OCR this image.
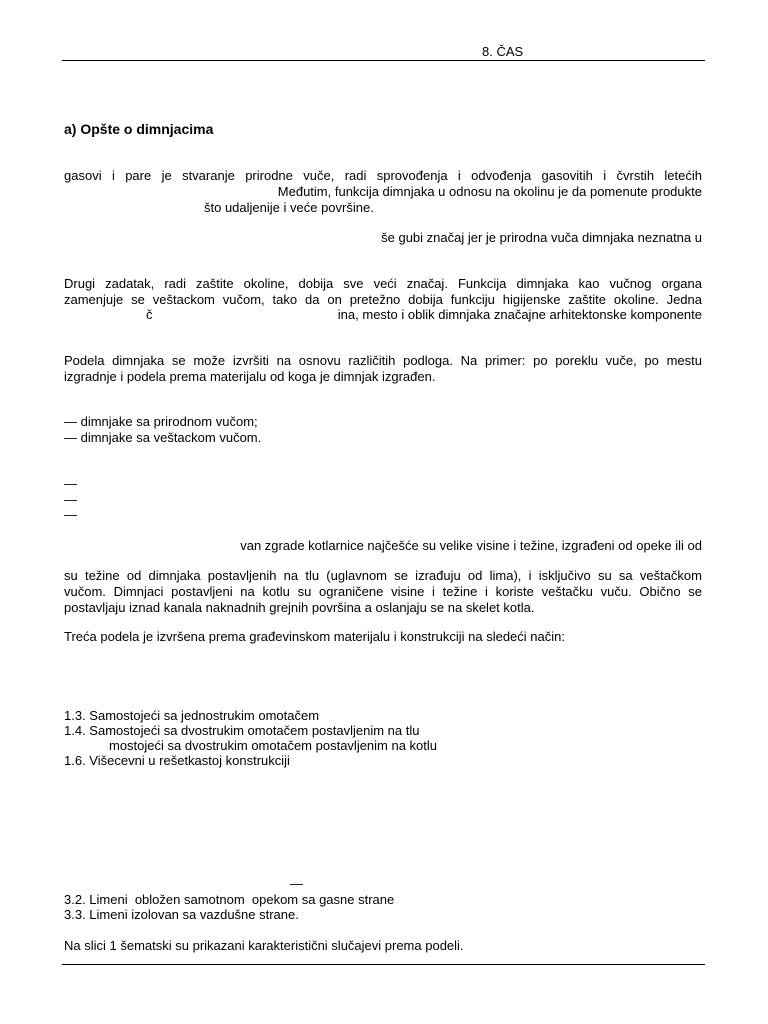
8. ČAS
a) Opšte o dimnjacima
gasovi i pare je stvaranje prirodne vuče, radi sprovođenja i odvođenja gasovitih i čvrstih letećih
Međutim, funkcija dimnjaka u odnosu na okolinu je da pomenute produkte
što udaljenije i veće površine.
še gubi značaj jer je prirodna vuča dimnjaka neznatna u
Drugi zadatak, radi zaštite okoline, dobija sve veći značaj. Funkcija dimnjaka kao vučnog organa
zamenjuje se veštackom vučom, tako da on pretežno dobija funkciju higijenske zaštite okoline. Jedna
č	ina, mesto i oblik dimnjaka značajne arhitektonske komponente
Podela dimnjaka se može izvršiti na osnovu različitih podloga. Na primer: po poreklu vuče, po mestu
izgradnje i podela prema materijalu od koga je dimnjak izgrađen.
— dimnjake sa prirodnom vučom;
— dimnjake sa veštackom vučom.
—
—
—
van zgrade kotlarnice najčešće su velike visine i težine, izgrađeni od opeke ili od
su težine od dimnjaka postavljenih na tlu (uglavnom se izrađuju od lima), i isključivo su sa veštačkom
vučom. Dimnjaci postavljeni na kotlu su ograničene visine i težine i koriste veštačku vuču. Obično se
postavljaju iznad kanala naknadnih grejnih površina a oslanjaju se na skelet kotla.
Treća podela je izvršena prema građevinskom materijalu i konstrukciji na sledeći način:
1.3. Samostojeći sa jednostrukim omotačem
1.4. Samostojeći sa dvostrukim omotačem postavljenim na tlu
mostojeći sa dvostrukim omotačem postavljenim na kotlu
1.6. Višecevni u rešetkastoj konstrukciji
—
3.2. Limeni  obložen samotnom  opekom sa gasne strane
3.3. Limeni izolovan sa vazdušne strane.
Na slici 1 šematski su prikazani karakteristični slučajevi prema podeli.
